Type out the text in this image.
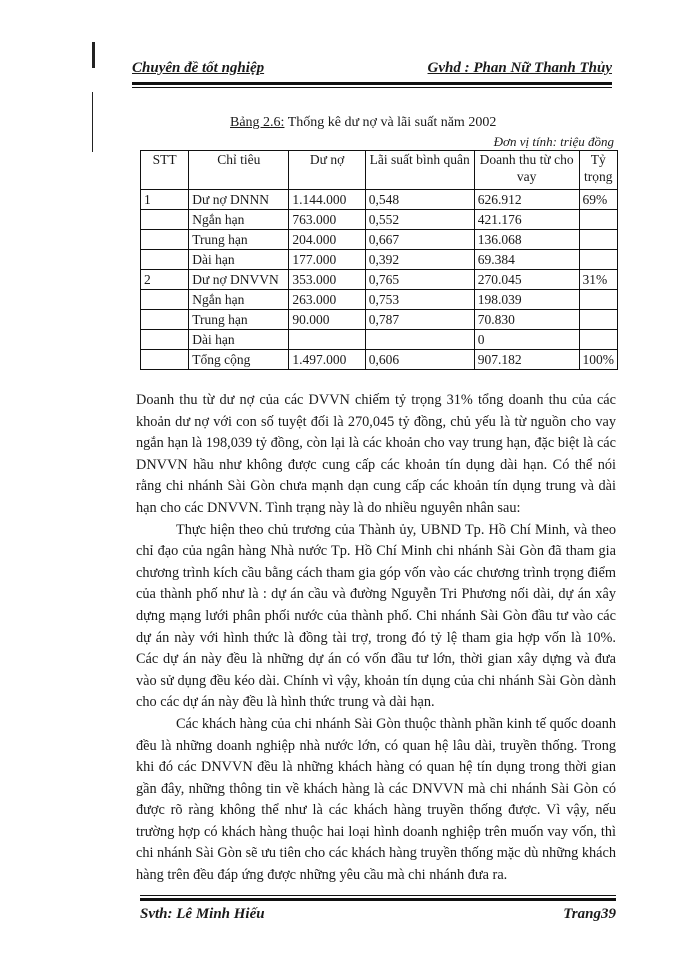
Chuyên đề tốt nghiệp	Gvhd : Phan Nữ Thanh Thủy
Bảng 2.6: Thống kê dư nợ và lãi suất năm 2002
Đơn vị tính: triệu đồng
STT	Chỉ tiêu	Dư nợ	Lãi suất bình quân	Doanh thu từ cho vay	Tỷ trọng
1	Dư nợ DNNN	1.144.000	0,548	626.912	69%
	Ngắn hạn	763.000	0,552	421.176	
	Trung hạn	204.000	0,667	136.068	
	Dài hạn	177.000	0,392	69.384	
2	Dư nợ DNVVN	353.000	0,765	270.045	31%
	Ngắn hạn	263.000	0,753	198.039	
	Trung hạn	90.000	0,787	70.830	
	Dài hạn			0	
	Tổng cộng	1.497.000	0,606	907.182	100%

Doanh thu từ dư nợ của các DVVN chiếm tỷ trọng 31% tổng doanh thu của các khoản dư nợ với con số tuyệt đối là 270,045 tỷ đồng, chủ yếu là từ nguồn cho vay ngắn hạn là 198,039 tỷ đồng, còn lại là các khoản cho vay trung hạn, đặc biệt là các DNVVN hầu như không được cung cấp các khoản tín dụng dài hạn. Có thể nói rằng chi nhánh Sài Gòn chưa mạnh dạn cung cấp các khoản tín dụng trung và dài hạn cho các DNVVN. Tình trạng này là do nhiều nguyên nhân sau:

Thực hiện theo chủ trương của Thành ủy, UBND Tp. Hồ Chí Minh, và theo chỉ đạo của ngân hàng Nhà nước Tp. Hồ Chí Minh chi nhánh Sài Gòn đã tham gia chương trình kích cầu bằng cách tham gia góp vốn vào các chương trình trọng điểm của thành phố như là : dự án cầu và đường Nguyễn Tri Phương nối dài, dự án xây dựng mạng lưới phân phối nước của thành phố. Chi nhánh Sài Gòn đầu tư vào các dự án này với hình thức là đồng tài trợ, trong đó tỷ lệ tham gia hợp vốn là 10%. Các dự án này đều là những dự án có vốn đầu tư lớn, thời gian xây dựng và đưa vào sử dụng đều kéo dài. Chính vì vậy, khoản tín dụng của chi nhánh Sài Gòn dành cho các dự án này đều là hình thức trung và dài hạn.

Các khách hàng của chi nhánh Sài Gòn thuộc thành phần kinh tế quốc doanh đều là những doanh nghiệp nhà nước lớn, có quan hệ lâu dài, truyền thống. Trong khi đó các DNVVN đều là những khách hàng có quan hệ tín dụng trong thời gian gần đây, những thông tin về khách hàng là các DNVVN mà chi nhánh Sài Gòn có được rõ ràng không thể như là các khách hàng truyền thống được. Vì vậy, nếu trường hợp có khách hàng thuộc hai loại hình doanh nghiệp trên muốn vay vốn, thì chi nhánh Sài Gòn sẽ ưu tiên cho các khách hàng truyền thống mặc dù những khách hàng trên đều đáp ứng được những yêu cầu mà chi nhánh đưa ra.

Svth: Lê Minh Hiếu	Trang39
